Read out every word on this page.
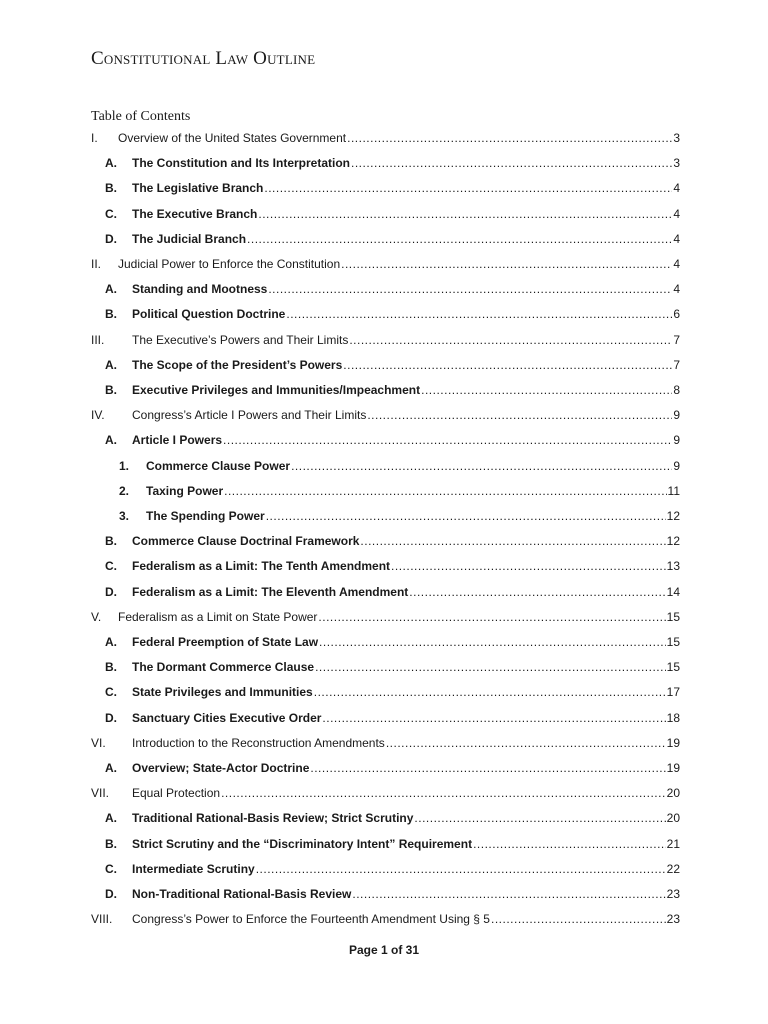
Constitutional Law Outline
Table of Contents
I.	Overview of the United States Government .....	3
A.	The Constitution and Its Interpretation .....	3
B.	The Legislative Branch .....	4
C.	The Executive Branch .....	4
D.	The Judicial Branch .....	4
II.	Judicial Power to Enforce the Constitution .....	4
A.	Standing and Mootness .....	4
B.	Political Question Doctrine .....	6
III.	The Executive’s Powers and Their Limits .....	7
A.	The Scope of the President’s Powers .....	7
B.	Executive Privileges and Immunities/Impeachment .....	8
IV.	Congress’s Article I Powers and Their Limits .....	9
A.	Article I Powers .....	9
1.	Commerce Clause Power .....	9
2.	Taxing Power .....	11
3.	The Spending Power .....	12
B.	Commerce Clause Doctrinal Framework .....	12
C.	Federalism as a Limit: The Tenth Amendment .....	13
D.	Federalism as a Limit: The Eleventh Amendment .....	14
V.	Federalism as a Limit on State Power .....	15
A.	Federal Preemption of State Law .....	15
B.	The Dormant Commerce Clause .....	15
C.	State Privileges and Immunities .....	17
D.	Sanctuary Cities Executive Order .....	18
VI.	Introduction to the Reconstruction Amendments .....	19
A.	Overview; State-Actor Doctrine .....	19
VII.	Equal Protection .....	20
A.	Traditional Rational-Basis Review; Strict Scrutiny .....	20
B.	Strict Scrutiny and the “Discriminatory Intent” Requirement .....	21
C.	Intermediate Scrutiny .....	22
D.	Non-Traditional Rational-Basis Review .....	23
VIII.	Congress’s Power to Enforce the Fourteenth Amendment Using § 5 .....	23
Page 1 of 31
